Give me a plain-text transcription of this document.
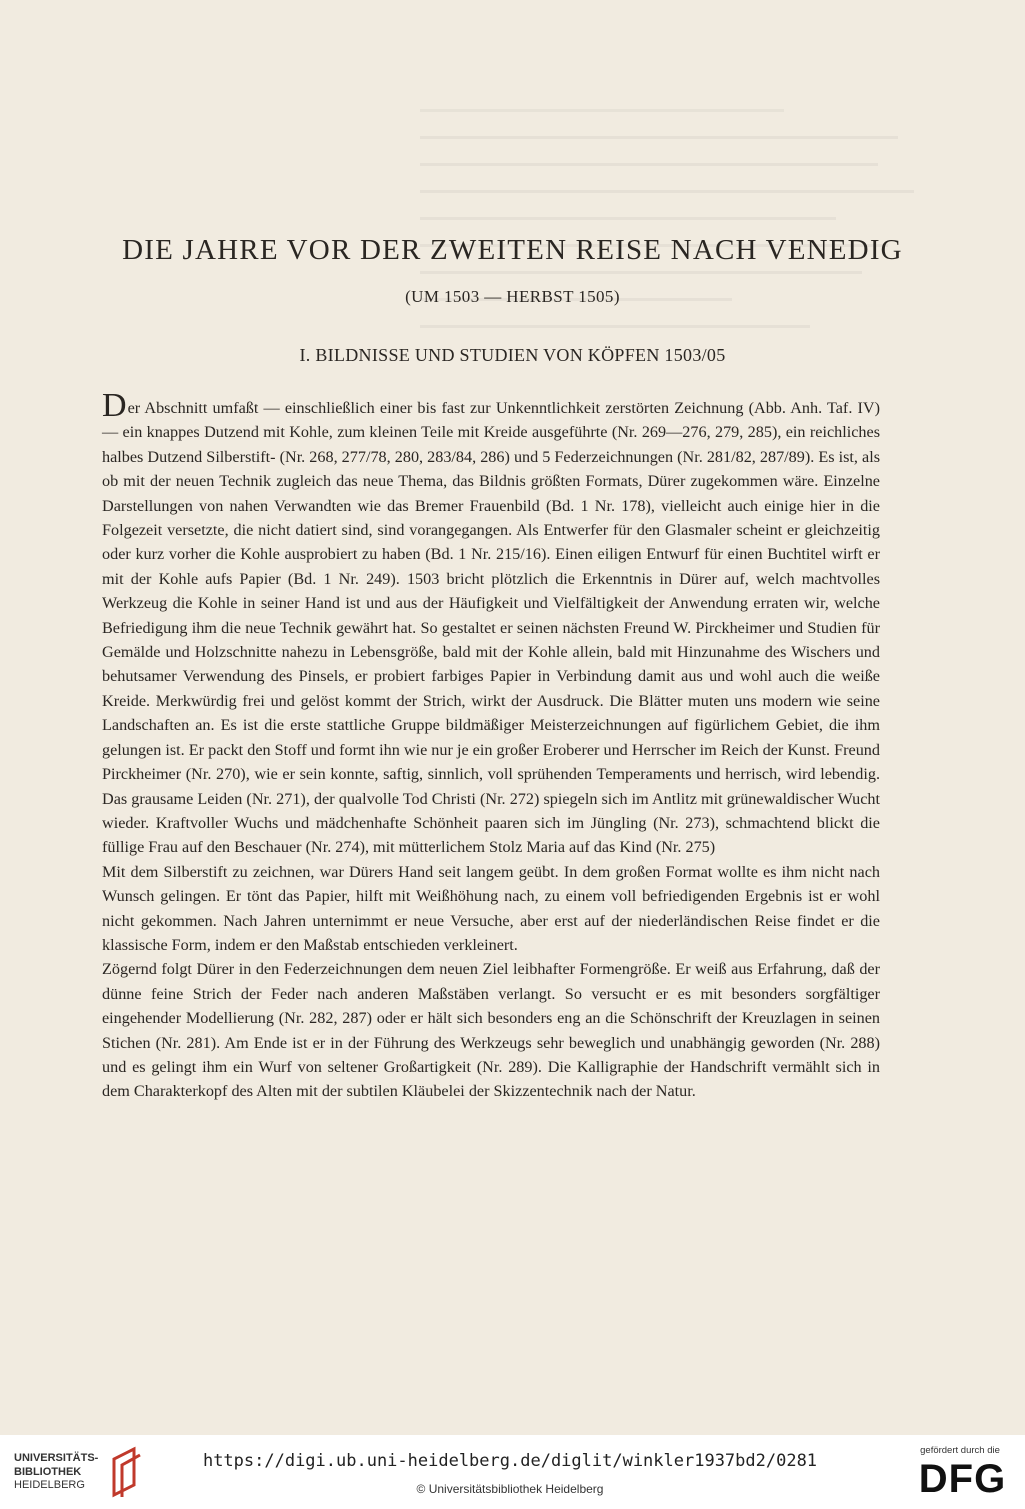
DIE JAHRE VOR DER ZWEITEN REISE NACH VENEDIG
(UM 1503 — HERBST 1505)
I. BILDNISSE UND STUDIEN VON KÖPFEN 1503/05

Der Abschnitt umfaßt — einschließlich einer bis fast zur Unkenntlichkeit zerstörten Zeichnung (Abb. Anh. Taf. IV) — ein knappes Dutzend mit Kohle, zum kleinen Teile mit Kreide ausgeführte (Nr. 269—276, 279, 285), ein reichliches halbes Dutzend Silberstift- (Nr. 268, 277/78, 280, 283/84, 286) und 5 Federzeichnungen (Nr. 281/82, 287/89). Es ist, als ob mit der neuen Technik zugleich das neue Thema, das Bildnis größten Formats, Dürer zugekommen wäre. Einzelne Darstellungen von nahen Verwandten wie das Bremer Frauenbild (Bd. 1 Nr. 178), vielleicht auch einige hier in die Folgezeit versetzte, die nicht datiert sind, sind vorangegangen. Als Entwerfer für den Glasmaler scheint er gleichzeitig oder kurz vorher die Kohle ausprobiert zu haben (Bd. 1 Nr. 215/16). Einen eiligen Entwurf für einen Buchtitel wirft er mit der Kohle aufs Papier (Bd. 1 Nr. 249). 1503 bricht plötzlich die Erkenntnis in Dürer auf, welch machtvolles Werkzeug die Kohle in seiner Hand ist und aus der Häufigkeit und Vielfältigkeit der Anwendung erraten wir, welche Befriedigung ihm die neue Technik gewährt hat. So gestaltet er seinen nächsten Freund W. Pirckheimer und Studien für Gemälde und Holzschnitte nahezu in Lebensgröße, bald mit der Kohle allein, bald mit Hinzunahme des Wischers und behutsamer Verwendung des Pinsels, er probiert farbiges Papier in Verbindung damit aus und wohl auch die weiße Kreide. Merkwürdig frei und gelöst kommt der Strich, wirkt der Ausdruck. Die Blätter muten uns modern wie seine Landschaften an. Es ist die erste stattliche Gruppe bildmäßiger Meisterzeichnungen auf figürlichem Gebiet, die ihm gelungen ist. Er packt den Stoff und formt ihn wie nur je ein großer Eroberer und Herrscher im Reich der Kunst. Freund Pirckheimer (Nr. 270), wie er sein konnte, saftig, sinnlich, voll sprühenden Temperaments und herrisch, wird lebendig. Das grausame Leiden (Nr. 271), der qualvolle Tod Christi (Nr. 272) spiegeln sich im Antlitz mit grünewaldischer Wucht wieder. Kraftvoller Wuchs und mädchenhafte Schönheit paaren sich im Jüngling (Nr. 273), schmachtend blickt die füllige Frau auf den Beschauer (Nr. 274), mit mütterlichem Stolz Maria auf das Kind (Nr. 275)

Mit dem Silberstift zu zeichnen, war Dürers Hand seit langem geübt. In dem großen Format wollte es ihm nicht nach Wunsch gelingen. Er tönt das Papier, hilft mit Weißhöhung nach, zu einem voll befriedigenden Ergebnis ist er wohl nicht gekommen. Nach Jahren unternimmt er neue Versuche, aber erst auf der niederländischen Reise findet er die klassische Form, indem er den Maßstab entschieden verkleinert.

Zögernd folgt Dürer in den Federzeichnungen dem neuen Ziel leibhafter Formengröße. Er weiß aus Erfahrung, daß der dünne feine Strich der Feder nach anderen Maßstäben verlangt. So versucht er es mit besonders sorgfältiger eingehender Modellierung (Nr. 282, 287) oder er hält sich besonders eng an die Schönschrift der Kreuzlagen in seinen Stichen (Nr. 281). Am Ende ist er in der Führung des Werkzeugs sehr beweglich und unabhängig geworden (Nr. 288) und es gelingt ihm ein Wurf von seltener Großartigkeit (Nr. 289). Die Kalligraphie der Handschrift vermählt sich in dem Charakterkopf des Alten mit der subtilen Kläubelei der Skizzentechnik nach der Natur.

UNIVERSITÄTS-
BIBLIOTHEK
HEIDELBERG
https://digi.ub.uni-heidelberg.de/diglit/winkler1937bd2/0281
© Universitätsbibliothek Heidelberg
gefördert durch die
DFG
